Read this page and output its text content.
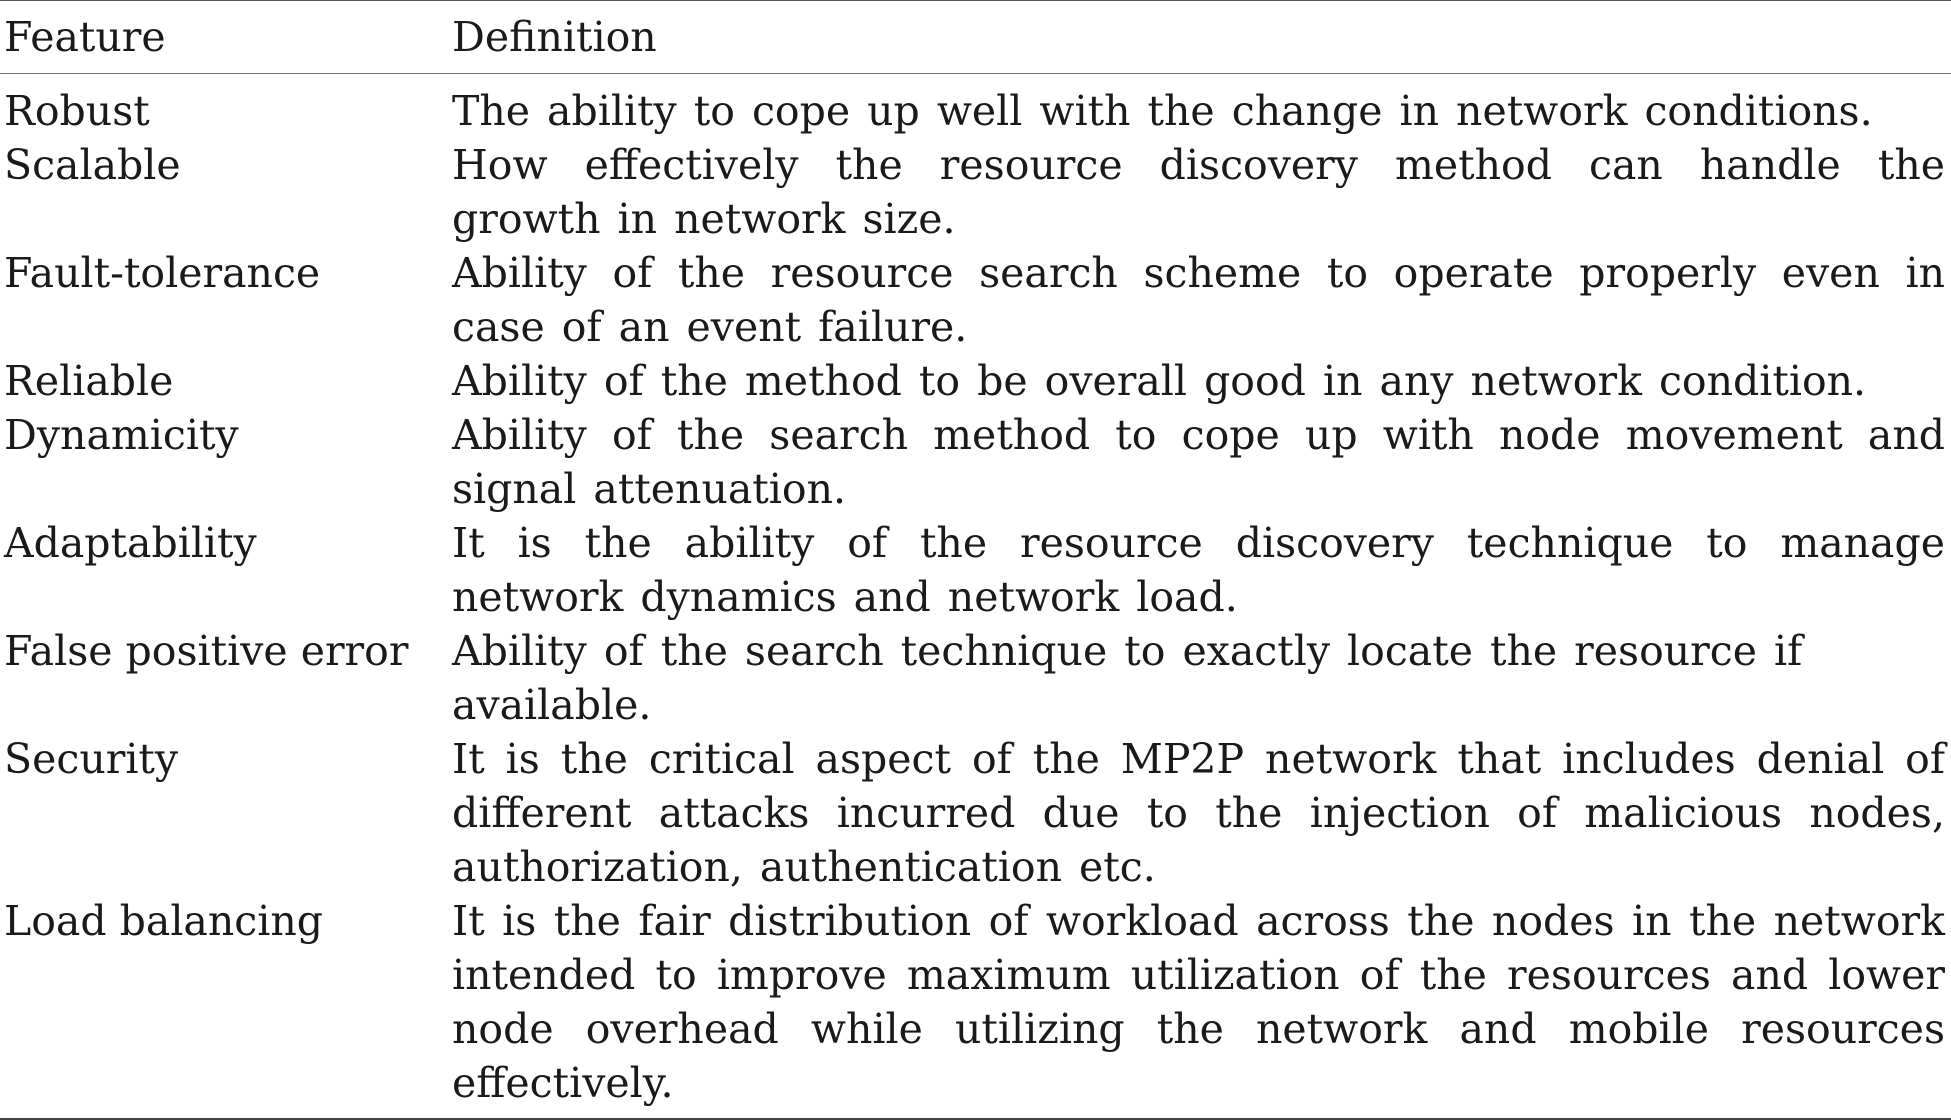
Feature	Definition
Robust	The ability to cope up well with the change in network conditions.
Scalable	How effectively the resource discovery method can handle the growth in network size.
Fault-tolerance	Ability of the resource search scheme to operate properly even in case of an event failure.
Reliable	Ability of the method to be overall good in any network condition.
Dynamicity	Ability of the search method to cope up with node movement and signal attenuation.
Adaptability	It is the ability of the resource discovery technique to manage network dynamics and network load.
False positive error	Ability of the search technique to exactly locate the resource if available.
Security	It is the critical aspect of the MP2P network that includes denial of different attacks incurred due to the injection of malicious nodes, authorization, authentication etc.
Load balancing	It is the fair distribution of workload across the nodes in the network intended to improve maximum utilization of the resources and lower node overhead while utilizing the network and mobile resources effectively.
